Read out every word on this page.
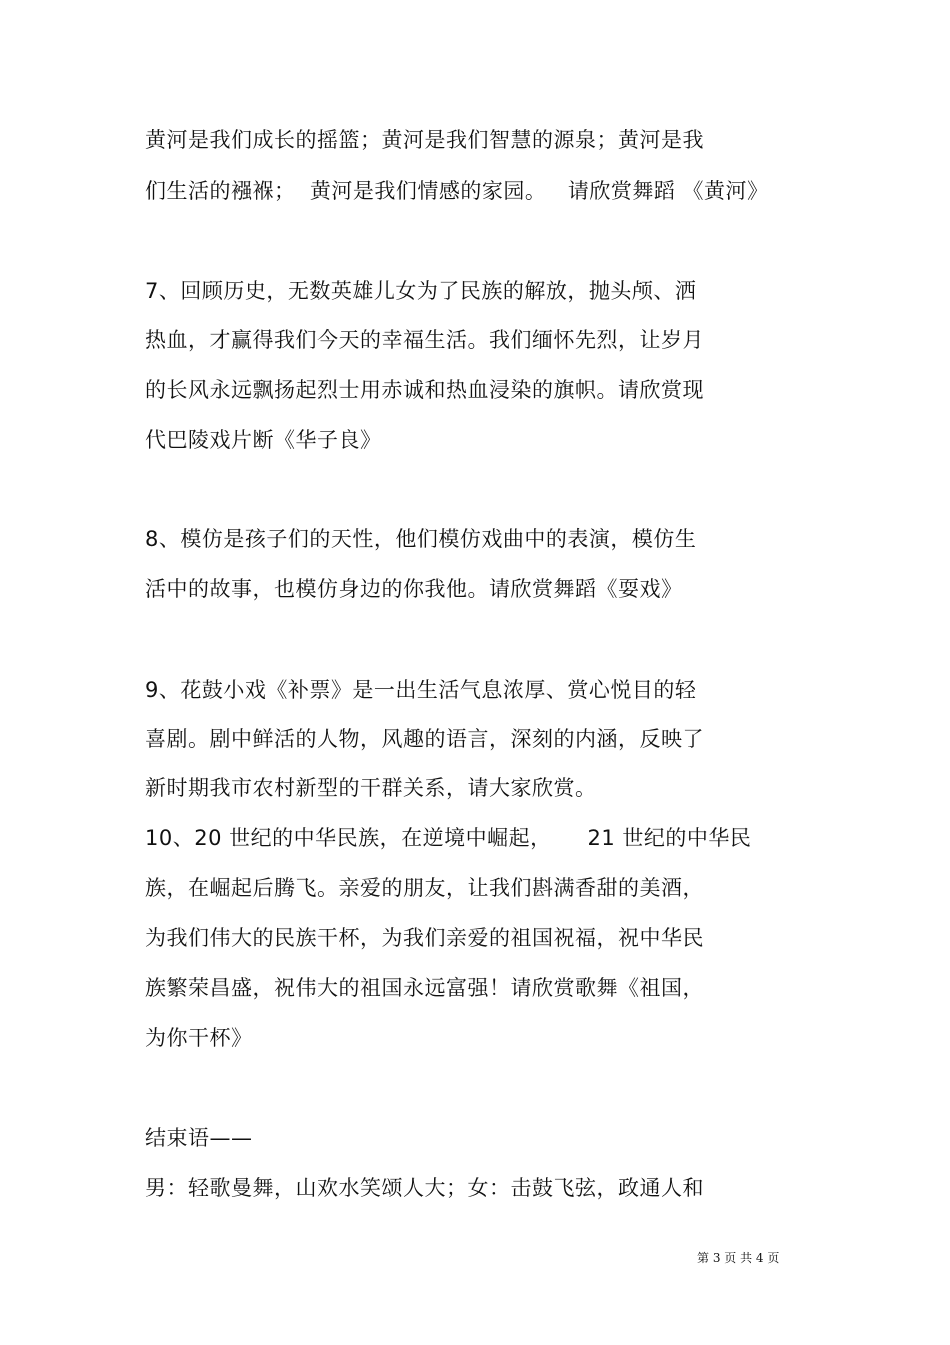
黄河是我们成长的摇篮；黄河是我们智慧的源泉；黄河是我
们生活的襁褓；  黄河是我们情感的家园。   请欣赏舞蹈 《黄河》
7、回顾历史，无数英雄儿女为了民族的解放，抛头颅、洒
热血，才赢得我们今天的幸福生活。我们缅怀先烈，让岁月
的长风永远飘扬起烈士用赤诚和热血浸染的旗帜。请欣赏现
代巴陵戏片断《华子良》
8、模仿是孩子们的天性，他们模仿戏曲中的表演，模仿生
活中的故事，也模仿身边的你我他。请欣赏舞蹈《耍戏》
9、花鼓小戏《补票》是一出生活气息浓厚、赏心悦目的轻
喜剧。剧中鲜活的人物，风趣的语言，深刻的内涵，反映了
新时期我市农村新型的干群关系，请大家欣赏。
10、20 世纪的中华民族，在逆境中崛起，     21 世纪的中华民
族，在崛起后腾飞。亲爱的朋友，让我们斟满香甜的美酒，
为我们伟大的民族干杯，为我们亲爱的祖国祝福，祝中华民
族繁荣昌盛，祝伟大的祖国永远富强！请欣赏歌舞《祖国，
为你干杯》
结束语——
男：轻歌曼舞，山欢水笑颂人大；女：击鼓飞弦，政通人和
第 3 页 共 4 页
